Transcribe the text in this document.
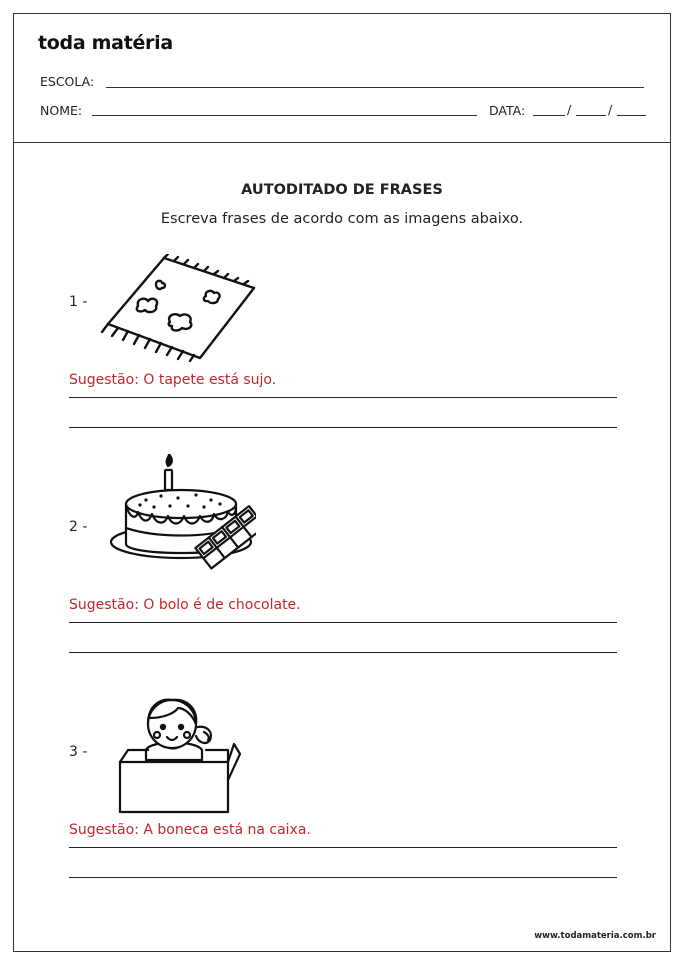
toda matéria
ESCOLA:
NOME:	DATA:	/	/
AUTODITADO DE FRASES
Escreva frases de acordo com as imagens abaixo.
1 -
Sugestão: O tapete está sujo.
2 -
Sugestão: O bolo é de chocolate.
3 -
Sugestão: A boneca está na caixa.
www.todamateria.com.br
